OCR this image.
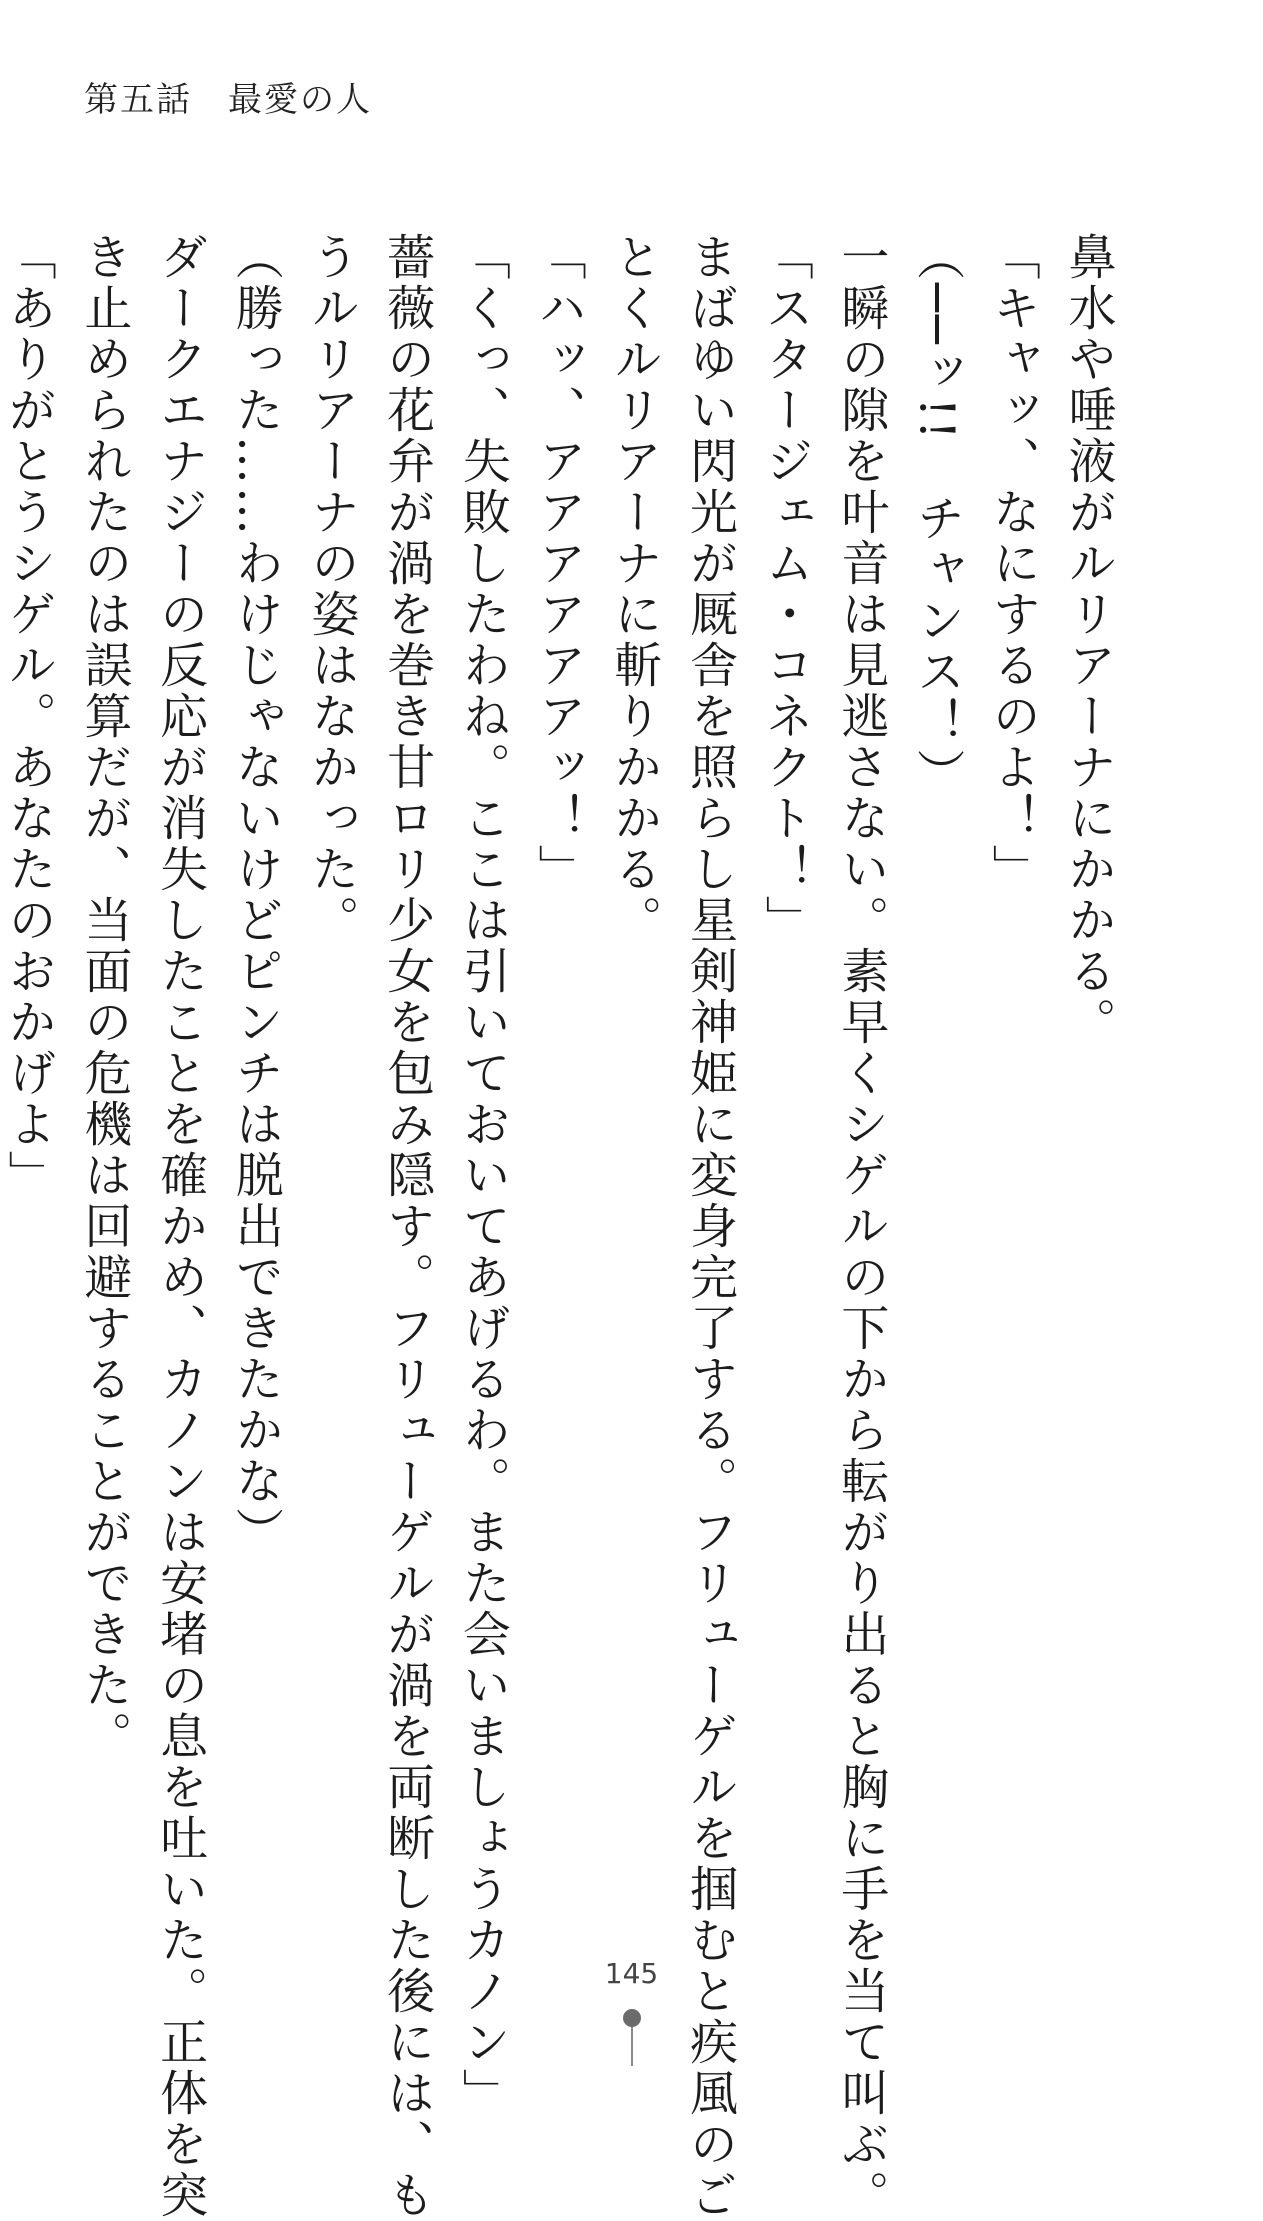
第五話　最愛の人
鼻水や唾液がルリアーナにかかる。
「キャッ、なにするのよ！」
（──ッ!!　チャンス！）
一瞬の隙を叶音は見逃さない。素早くシゲルの下から転がり出ると胸に手を当て叫ぶ。
「スタージェム・コネクト！」
まばゆい閃光が厩舎を照らし星剣神姫に変身完了する。フリューゲルを掴むと疾風のご
とくルリアーナに斬りかかる。
「ハッ、アアアアアアッ！」
「くっ、失敗したわね。ここは引いておいてあげるわ。また会いましょうカノン」
薔薇の花弁が渦を巻き甘ロリ少女を包み隠す。フリューゲルが渦を両断した後には、も
うルリアーナの姿はなかった。
（勝った……わけじゃないけどピンチは脱出できたかな）
ダークエナジーの反応が消失したことを確かめ、カノンは安堵の息を吐いた。正体を突
き止められたのは誤算だが、当面の危機は回避することができた。
「ありがとうシゲル。あなたのおかげよ」
145
